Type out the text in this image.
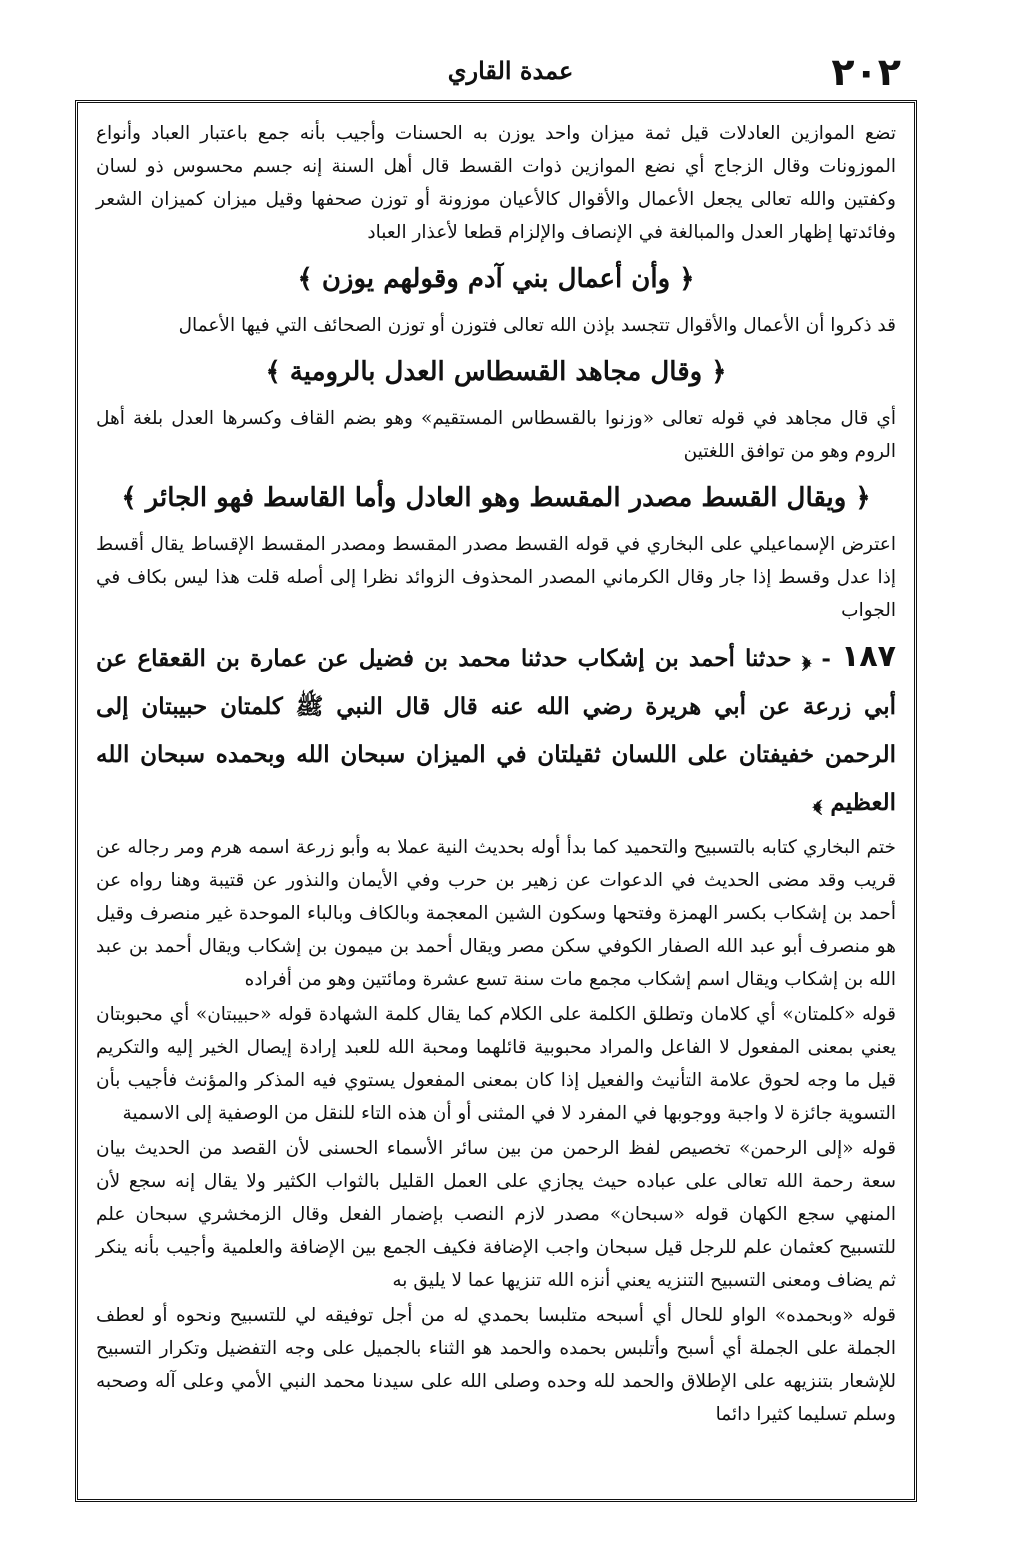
٢٠٢
عمدة القاري

تضع الموازين العادلات قيل ثمة ميزان واحد يوزن به الحسنات وأجيب بأنه جمع باعتبار العباد وأنواع الموزونات وقال الزجاج أي نضع الموازين ذوات القسط قال أهل السنة إنه جسم محسوس ذو لسان وكفتين والله تعالى يجعل الأعمال والأقوال كالأعيان موزونة أو توزن صحفها وقيل ميزان كميزان الشعر وفائدتها إظهار العدل والمبالغة في الإنصاف والإلزام قطعا لأعذار العباد

﴿ وأن أعمال بني آدم وقولهم يوزن ﴾

قد ذكروا أن الأعمال والأقوال تتجسد بإذن الله تعالى فتوزن أو توزن الصحائف التي فيها الأعمال

﴿ وقال مجاهد القسطاس العدل بالرومية ﴾

أي قال مجاهد في قوله تعالى «وزنوا بالقسطاس المستقيم» وهو بضم القاف وكسرها العدل بلغة أهل الروم وهو من توافق اللغتين

﴿ ويقال القسط مصدر المقسط وهو العادل وأما القاسط فهو الجائر ﴾

اعترض الإسماعيلي على البخاري في قوله القسط مصدر المقسط ومصدر المقسط الإقساط يقال أقسط إذا عدل وقسط إذا جار وقال الكرماني المصدر المحذوف الزوائد نظرا إلى أصله قلت هذا ليس بكاف في الجواب

١٨٧ - ﴿ حدثنا أحمد بن إشكاب حدثنا محمد بن فضيل عن عمارة بن القعقاع عن أبي زرعة عن أبي هريرة رضي الله عنه قال قال النبي ﷺ كلمتان حبيبتان إلى الرحمن خفيفتان على اللسان ثقيلتان في الميزان سبحان الله وبحمده سبحان الله العظيم ﴾

ختم البخاري كتابه بالتسبيح والتحميد كما بدأ أوله بحديث النية عملا به وأبو زرعة اسمه هرم ومر رجاله عن قريب وقد مضى الحديث في الدعوات عن زهير بن حرب وفي الأيمان والنذور عن قتيبة وهنا رواه عن أحمد بن إشكاب بكسر الهمزة وفتحها وسكون الشين المعجمة وبالكاف وبالباء الموحدة غير منصرف وقيل هو منصرف أبو عبد الله الصفار الكوفي سكن مصر ويقال أحمد بن ميمون بن إشكاب ويقال أحمد بن عبد الله بن إشكاب ويقال اسم إشكاب مجمع مات سنة تسع عشرة ومائتين وهو من أفراده

قوله «كلمتان» أي كلامان وتطلق الكلمة على الكلام كما يقال كلمة الشهادة قوله «حبيبتان» أي محبوبتان يعني بمعنى المفعول لا الفاعل والمراد محبوبية قائلهما ومحبة الله للعبد إرادة إيصال الخير إليه والتكريم قيل ما وجه لحوق علامة التأنيث والفعيل إذا كان بمعنى المفعول يستوي فيه المذكر والمؤنث فأجيب بأن التسوية جائزة لا واجبة ووجوبها في المفرد لا في المثنى أو أن هذه التاء للنقل من الوصفية إلى الاسمية

قوله «إلى الرحمن» تخصيص لفظ الرحمن من بين سائر الأسماء الحسنى لأن القصد من الحديث بيان سعة رحمة الله تعالى على عباده حيث يجازي على العمل القليل بالثواب الكثير ولا يقال إنه سجع لأن المنهي سجع الكهان قوله «سبحان» مصدر لازم النصب بإضمار الفعل وقال الزمخشري سبحان علم للتسبيح كعثمان علم للرجل قيل سبحان واجب الإضافة فكيف الجمع بين الإضافة والعلمية وأجيب بأنه ينكر ثم يضاف ومعنى التسبيح التنزيه يعني أنزه الله تنزيها عما لا يليق به

قوله «وبحمده» الواو للحال أي أسبحه متلبسا بحمدي له من أجل توفيقه لي للتسبيح ونحوه أو لعطف الجملة على الجملة أي أسبح وأتلبس بحمده والحمد هو الثناء بالجميل على وجه التفضيل وتكرار التسبيح للإشعار بتنزيهه على الإطلاق والحمد لله وحده وصلى الله على سيدنا محمد النبي الأمي وعلى آله وصحبه وسلم تسليما كثيرا دائما
